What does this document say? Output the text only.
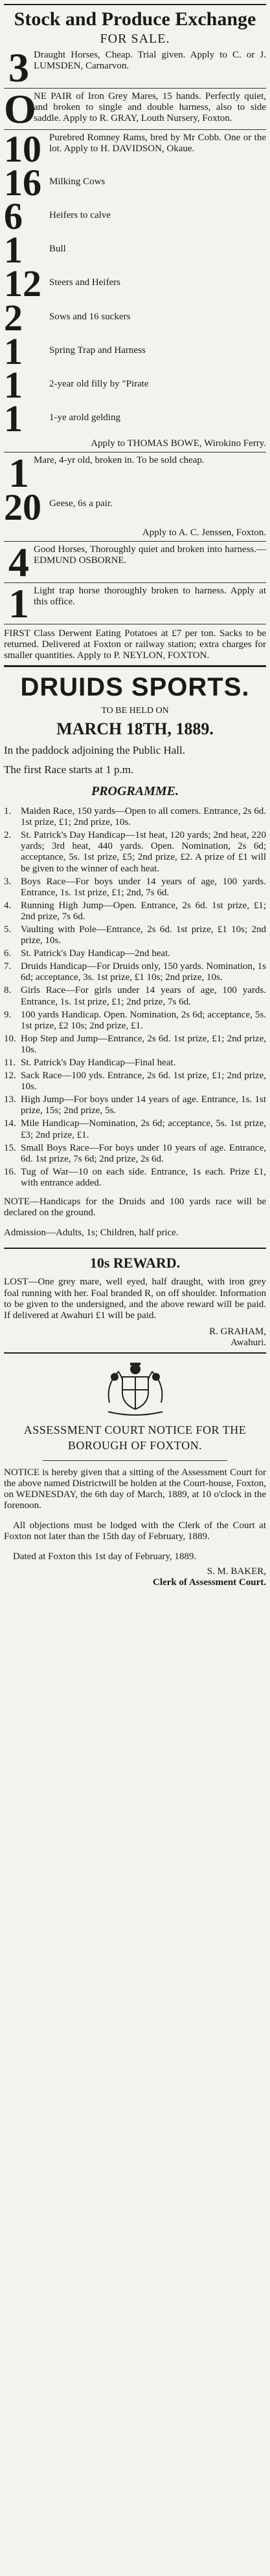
Stock and Produce Exchange
FOR SALE.
3 Draught Horses, Cheap. Trial given. Apply to C. or J. LUMSDEN, Carnarvon.
O
NE PAIR of Iron Grey Mares, 15 hands. Perfectly quiet, and broken to single and double harness, also to side saddle. Apply to R. GRAY, Louth Nursery, Foxton.
10 Purebred Romney Rams, bred by Mr Cobb. One or the lot. Apply to H. DAVIDSON, Okaue.
16 Milking Cows
6	Heifers to calve
1	Bull
12 Steers and Heifers
2	Sows and 16 suckers
1	Spring Trap and Harness
1	2-year old filly by "Pirate
1	1-ye arold gelding
Apply to THOMAS BOWE, Wirokino Ferry.
1 Mare, 4-yr old, broken in. To be sold cheap.
20 Geese, 6s a pair.
Apply to A. C. Jenssen, Foxton.
4 Good Horses, Thoroughly quiet and broken into harness.—EDMUND OSBORNE.
1 Light trap horse thoroughly broken to harness. Apply at this office.
FIRST Class Derwent Eating Potatoes at £7 per ton. Sacks to be returned. Delivered at Foxton or railway station; extra charges for smaller quantities. Apply to P. NEYLON, FOXTON.
DRUIDS SPORTS.
TO BE HELD ON
MARCH 18TH, 1889.
In the paddock adjoining the Public Hall.
The first Race starts at 1 p.m.
PROGRAMME.
1. Maiden Race, 150 yards—Open to all comers. Entrance, 2s 6d. 1st prize, £1; 2nd prize, 10s.
2. St. Patrick's Day Handicap—1st heat, 120 yards; 2nd heat, 220 yards; 3rd heat, 440 yards. Open. Nomination, 2s 6d; acceptance, 5s. 1st prize, £5; 2nd prize, £2. A prize of £1 will be given to the winner of each heat.
3. Boys Race—For boys under 14 years of age, 100 yards. Entrance, 1s. 1st prize, £1; 2nd, 7s 6d.
4. Running High Jump—Open. Entrance, 2s 6d. 1st prize, £1; 2nd prize, 7s 6d.
5. Vaulting with Pole—Entrance, 2s 6d. 1st prize, £1 10s; 2nd prize, 10s.
6. St. Patrick's Day Handicap—2nd heat.
7. Druids Handicap—For Druids only, 150 yards. Nomination, 1s 6d; acceptance, 3s. 1st prize, £1 10s; 2nd prize, 10s.
8. Girls Race—For girls under 14 years of age, 100 yards. Entrance, 1s. 1st prize, £1; 2nd prize, 7s 6d.
9. 100 yards Handicap. Open. Nomination, 2s 6d; acceptance, 5s. 1st prize, £2 10s; 2nd prize, £1.
10. Hop Step and Jump—Entrance, 2s 6d. 1st prize, £1; 2nd prize, 10s.
11. St. Patrick's Day Handicap—Final heat.
12. Sack Race—100 yds. Entrance, 2s 6d. 1st prize, £1; 2nd prize, 10s.
13. High Jump—For boys under 14 years of age. Entrance, 1s. 1st prize, 15s; 2nd prize, 5s.
14. Mile Handicap—Nomination, 2s 6d; acceptance, 5s. 1st prize, £3; 2nd prize, £1.
15. Small Boys Race—For boys under 10 years of age. Entrance, 6d. 1st prize, 7s 6d; 2nd prize, 2s 6d.
16. Tug of War—10 on each side. Entrance, 1s each. Prize £1, with entrance added.
NOTE—Handicaps for the Druids and 100 yards race will be declared on the ground.
Admission—Adults, 1s; Children, half price.
10s REWARD.
LOST—One grey mare, well eyed, half draught, with iron grey foal running with her. Foal branded R, on off shoulder. Information to be given to the undersigned, and the above reward will be paid. If delivered at Awahuri £1 will be paid.
R. GRAHAM,
Awahuri.
ASSESSMENT COURT NOTICE FOR THE BOROUGH OF FOXTON.
NOTICE is hereby given that a sitting of the Assessment Court for the above named Districtwill be holden at the Court-house, Foxton, on WEDNESDAY, the 6th day of March, 1889, at 10 o'clock in the forenoon.
All objections must be lodged with the Clerk of the Court at Foxton not later than the 15th day of February, 1889.
Dated at Foxton this 1st day of February, 1889.
S. M. BAKER,
Clerk of Assessment Court.
